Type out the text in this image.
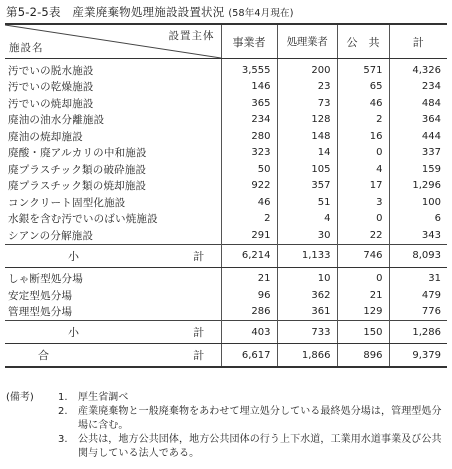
第5-2-5表　産業廃棄物処理施設設置状況 (58年4月現在)
設置主体
施設名	事業者	処理業者	公　共	計
汚でいの脱水施設	3,555	200	571	4,326
汚でいの乾燥施設	146	23	65	234
汚でいの焼却施設	365	73	46	484
廃油の油水分離施設	234	128	2	364
廃油の焼却施設	280	148	16	444
廃酸・廃アルカリの中和施設	323	14	0	337
廃プラスチック類の破砕施設	50	105	4	159
廃プラスチック類の焼却施設	922	357	17	1,296
コンクリート固型化施設	46	51	3	100
水銀を含む汚でいのばい焼施設	2	4	0	6
シアンの分解施設	291	30	22	343

小 計	6,214	1,133	746	8,093
しゃ断型処分場	21	10	0	31
安定型処分場	96	362	21	479
管理型処分場	286	361	129	776

小 計	403	733	150	1,286

合 計	6,617	1,866	896	9,379
(備考)	1.	厚生省調べ
2.	産業廃棄物と一般廃棄物をあわせて埋立処分している最終処分場は，管理型処分場に含む。
3.	公共は，地方公共団体，地方公共団体の行う上下水道，工業用水道事業及び公共関与している法人である。
